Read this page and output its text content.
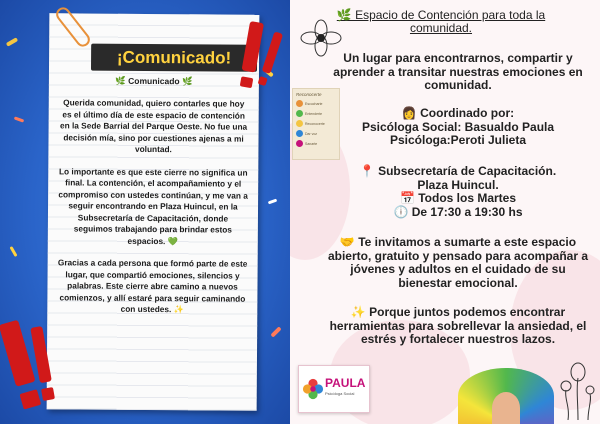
¡Comunicado!
🌿 Comunicado 🌿

Querida comunidad, quiero contarles que hoy es el último día de este espacio de contención en la Sede Barrial del Parque Oeste. No fue una decisión mía, sino por cuestiones ajenas a mi voluntad.

Lo importante es que este cierre no significa un final. La contención, el acompañamiento y el compromiso con ustedes continúan, y me van a seguir encontrando en Plaza Huincul, en la Subsecretaría de Capacitación, donde seguimos trabajando para brindar estos espacios. 💚

Gracias a cada persona que formó parte de este lugar, que compartió emociones, silencios y palabras. Este cierre abre camino a nuevos comienzos, y allí estaré para seguir caminando con ustedes. ✨

🌿 Espacio de Contención para toda la comunidad.
Un lugar para encontrarnos, compartir y aprender a transitar nuestras emociones en comunidad.
👩 Coordinado por:
Psicóloga Social: Basualdo Paula
Psicóloga:Peroti Julieta
📍 Subsecretaría de Capacitación.
Plaza Huincul.
📅 Todos los Martes
🕕 De 17:30 a 19:30 hs
🤝 Te invitamos a sumarte a este espacio abierto, gratuito y pensado para acompañar a jóvenes y adultos en el cuidado de su bienestar emocional.
✨ Porque juntos podemos encontrar herramientas para sobrellevar la ansiedad, el estrés y fortalecer nuestros lazos.
Reconocerte
Escucharte
Entenderte
Reconocerte
Dar voz
Sanarte
PAULA
Psicóloga Social
